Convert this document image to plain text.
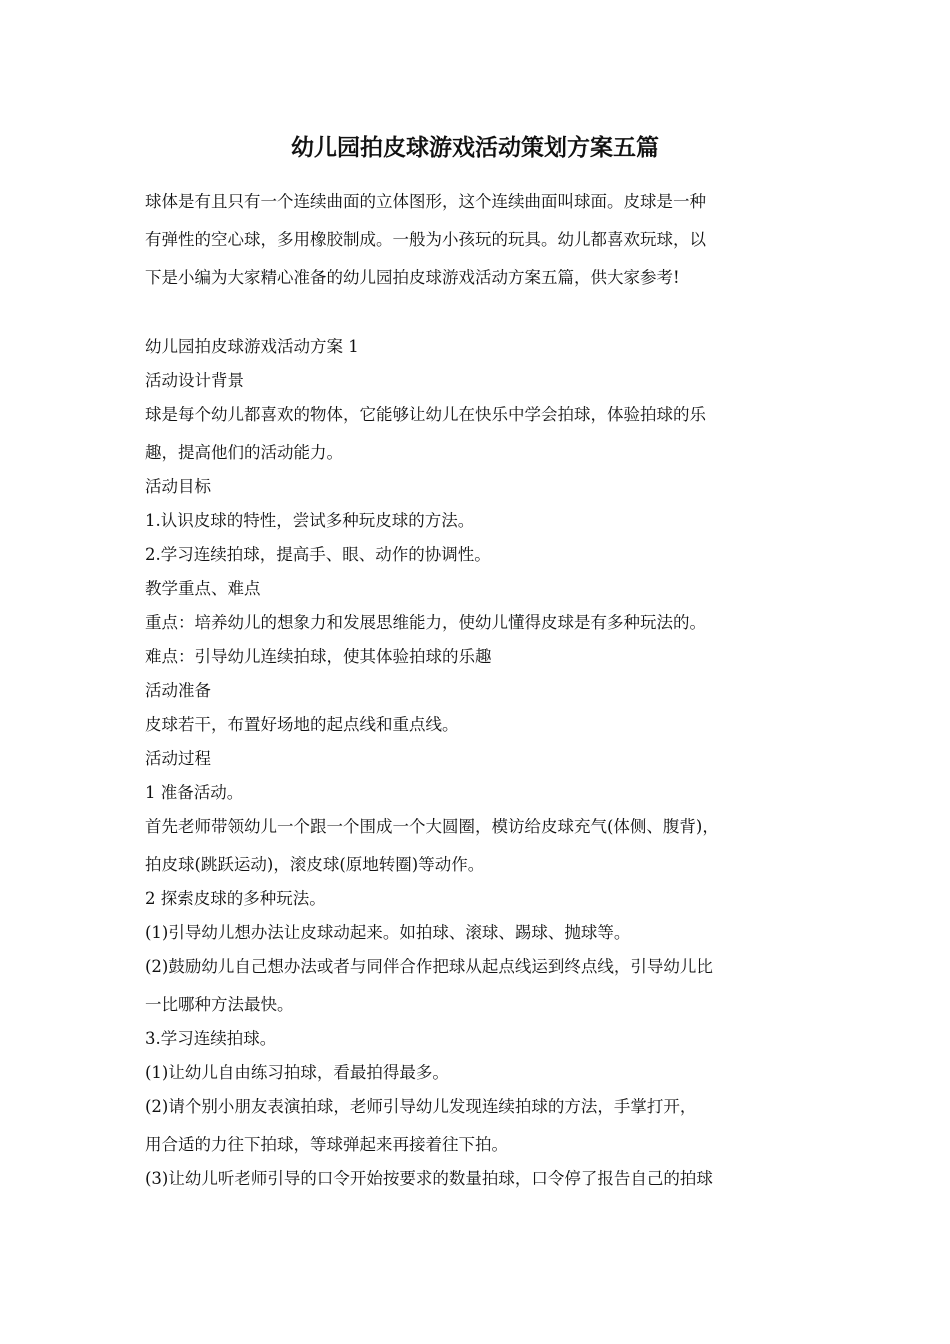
幼儿园拍皮球游戏活动策划方案五篇
球体是有且只有一个连续曲面的立体图形，这个连续曲面叫球面。皮球是一种
有弹性的空心球，多用橡胶制成。一般为小孩玩的玩具。幼儿都喜欢玩球，以
下是小编为大家精心准备的幼儿园拍皮球游戏活动方案五篇，供大家参考!
幼儿园拍皮球游戏活动方案 1
活动设计背景
球是每个幼儿都喜欢的物体，它能够让幼儿在快乐中学会拍球，体验拍球的乐
趣，提高他们的活动能力。
活动目标
1.认识皮球的特性，尝试多种玩皮球的方法。
2.学习连续拍球，提高手、眼、动作的协调性。
教学重点、难点
重点：培养幼儿的想象力和发展思维能力，使幼儿懂得皮球是有多种玩法的。
难点：引导幼儿连续拍球，使其体验拍球的乐趣
活动准备
皮球若干，布置好场地的起点线和重点线。
活动过程
1 准备活动。
首先老师带领幼儿一个跟一个围成一个大圆圈，模访给皮球充气(体侧、腹背)，
拍皮球(跳跃运动)，滚皮球(原地转圈)等动作。
2 探索皮球的多种玩法。
(1)引导幼儿想办法让皮球动起来。如拍球、滚球、踢球、抛球等。
(2)鼓励幼儿自己想办法或者与同伴合作把球从起点线运到终点线，引导幼儿比
一比哪种方法最快。
3.学习连续拍球。
(1)让幼儿自由练习拍球，看最拍得最多。
(2)请个别小朋友表演拍球，老师引导幼儿发现连续拍球的方法，手掌打开，
用合适的力往下拍球，等球弹起来再接着往下拍。
(3)让幼儿听老师引导的口令开始按要求的数量拍球，口令停了报告自己的拍球
